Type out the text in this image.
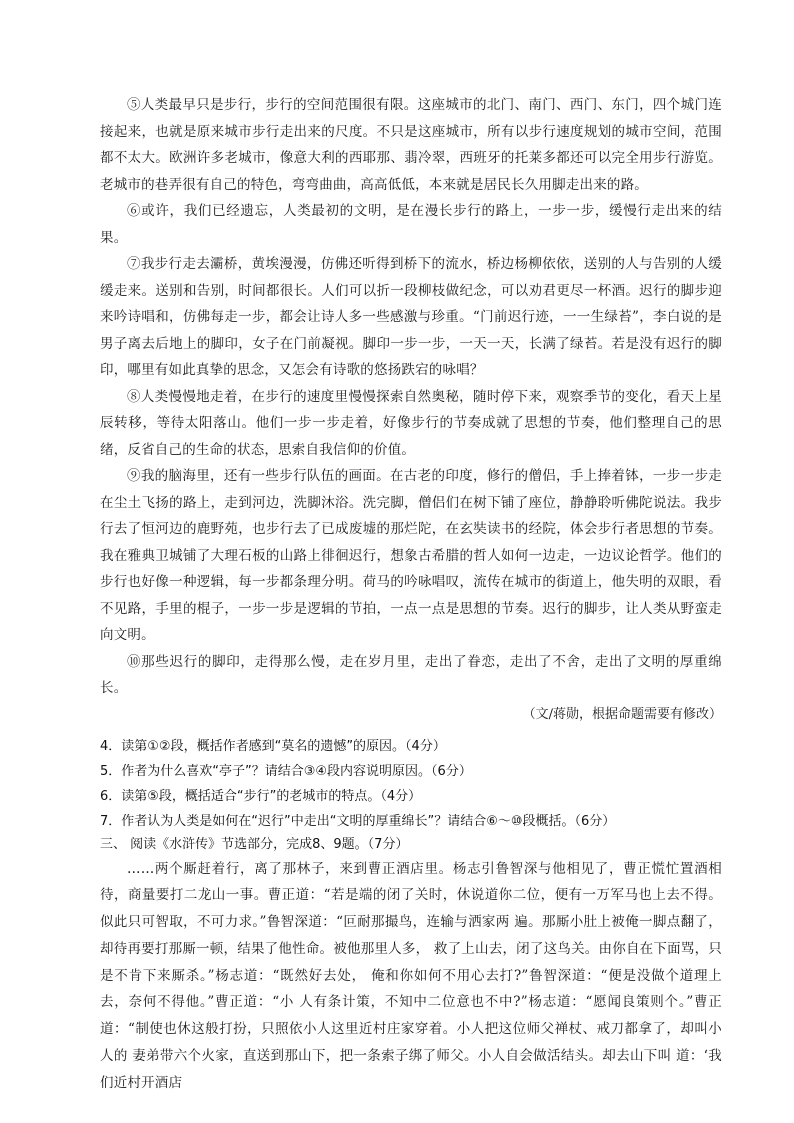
⑤人类最早只是步行，步行的空间范围很有限。这座城市的北门、南门、西门、东门，四个城门连接起来，也就是原来城市步行走出来的尺度。不只是这座城市，所有以步行速度规划的城市空间，范围都不太大。欧洲许多老城市，像意大利的西耶那、翡冷翠，西班牙的托莱多都还可以完全用步行游览。老城市的巷弄很有自己的特色，弯弯曲曲，高高低低，本来就是居民长久用脚走出来的路。

⑥或许，我们已经遗忘，人类最初的文明，是在漫长步行的路上，一步一步，缓慢行走出来的结果。

⑦我步行走去灞桥，黄埃漫漫，仿佛还听得到桥下的流水，桥边杨柳依依，送别的人与告别的人缓缓走来。送别和告别，时间都很长。人们可以折一段柳枝做纪念，可以劝君更尽一杯酒。迟行的脚步迎来吟诗唱和，仿佛每走一步，都会让诗人多一些感激与珍重。“门前迟行迹，一一生绿苔”，李白说的是男子离去后地上的脚印，女子在门前凝视。脚印一步一步，一天一天，长满了绿苔。若是没有迟行的脚印，哪里有如此真挚的思念，又怎会有诗歌的悠扬跌宕的咏唱？

⑧人类慢慢地走着，在步行的速度里慢慢探索自然奥秘，随时停下来，观察季节的变化，看天上星辰转移，等待太阳落山。他们一步一步走着，好像步行的节奏成就了思想的节奏，他们整理自己的思绪，反省自己的生命的状态，思索自我信仰的价值。

⑨我的脑海里，还有一些步行队伍的画面。在古老的印度，修行的僧侣，手上捧着钵，一步一步走在尘土飞扬的路上，走到河边，洗脚沐浴。洗完脚，僧侣们在树下铺了座位，静静聆听佛陀说法。我步行去了恒河边的鹿野苑，也步行去了已成废墟的那烂陀，在玄奘读书的经院，体会步行者思想的节奏。我在雅典卫城铺了大理石板的山路上徘徊迟行，想象古希腊的哲人如何一边走，一边议论哲学。他们的步行也好像一种逻辑，每一步都条理分明。荷马的吟咏唱叹，流传在城市的街道上，他失明的双眼，看不见路，手里的棍子，一步一步是逻辑的节拍，一点一点是思想的节奏。迟行的脚步，让人类从野蛮走向文明。

⑩那些迟行的脚印，走得那么慢，走在岁月里，走出了眷恋，走出了不舍，走出了文明的厚重绵长。

（文/蒋勋，根据命题需要有修改）

4．读第①②段，概括作者感到“莫名的遗憾”的原因。（4分）

5．作者为什么喜欢“亭子”？请结合③④段内容说明原因。（6分）

6．读第⑤段，概括适合“步行”的老城市的特点。（4分）

7．作者认为人类是如何在“迟行”中走出“文明的厚重绵长”？请结合⑥～⑩段概括。（6分）

三、 阅读《水浒传》节选部分，完成8、9题。（7分）

……两个厮赶着行，离了那林子，来到曹正酒店里。杨志引鲁智深与他相见了，曹正慌忙置酒相待，商量要打二龙山一事。曹正道：“若是端的闭了关时，休说道你二位，便有一万军马也上去不得。似此只可智取，不可力求。”鲁智深道：“叵耐那撮鸟，连输与洒家两 遍。那厮小肚上被俺一脚点翻了，却待再要打那厮一顿，结果了他性命。被他那里人多， 救了上山去，闭了这鸟关。由你自在下面骂，只是不肯下来厮杀。”杨志道：“既然好去处， 俺和你如何不用心去打?”鲁智深道：“便是没做个道理上去，奈何不得他。”曹正道：“小 人有条计策，不知中二位意也不中?”杨志道：“愿闻良策则个。”曹正道：“制使也休这般打扮，只照依小人这里近村庄家穿着。小人把这位师父禅杖、戒刀都拿了，却叫小人的 妻弟带六个火家，直送到那山下，把一条索子绑了师父。小人自会做活结头。却去山下叫 道：‘我们近村开酒店
